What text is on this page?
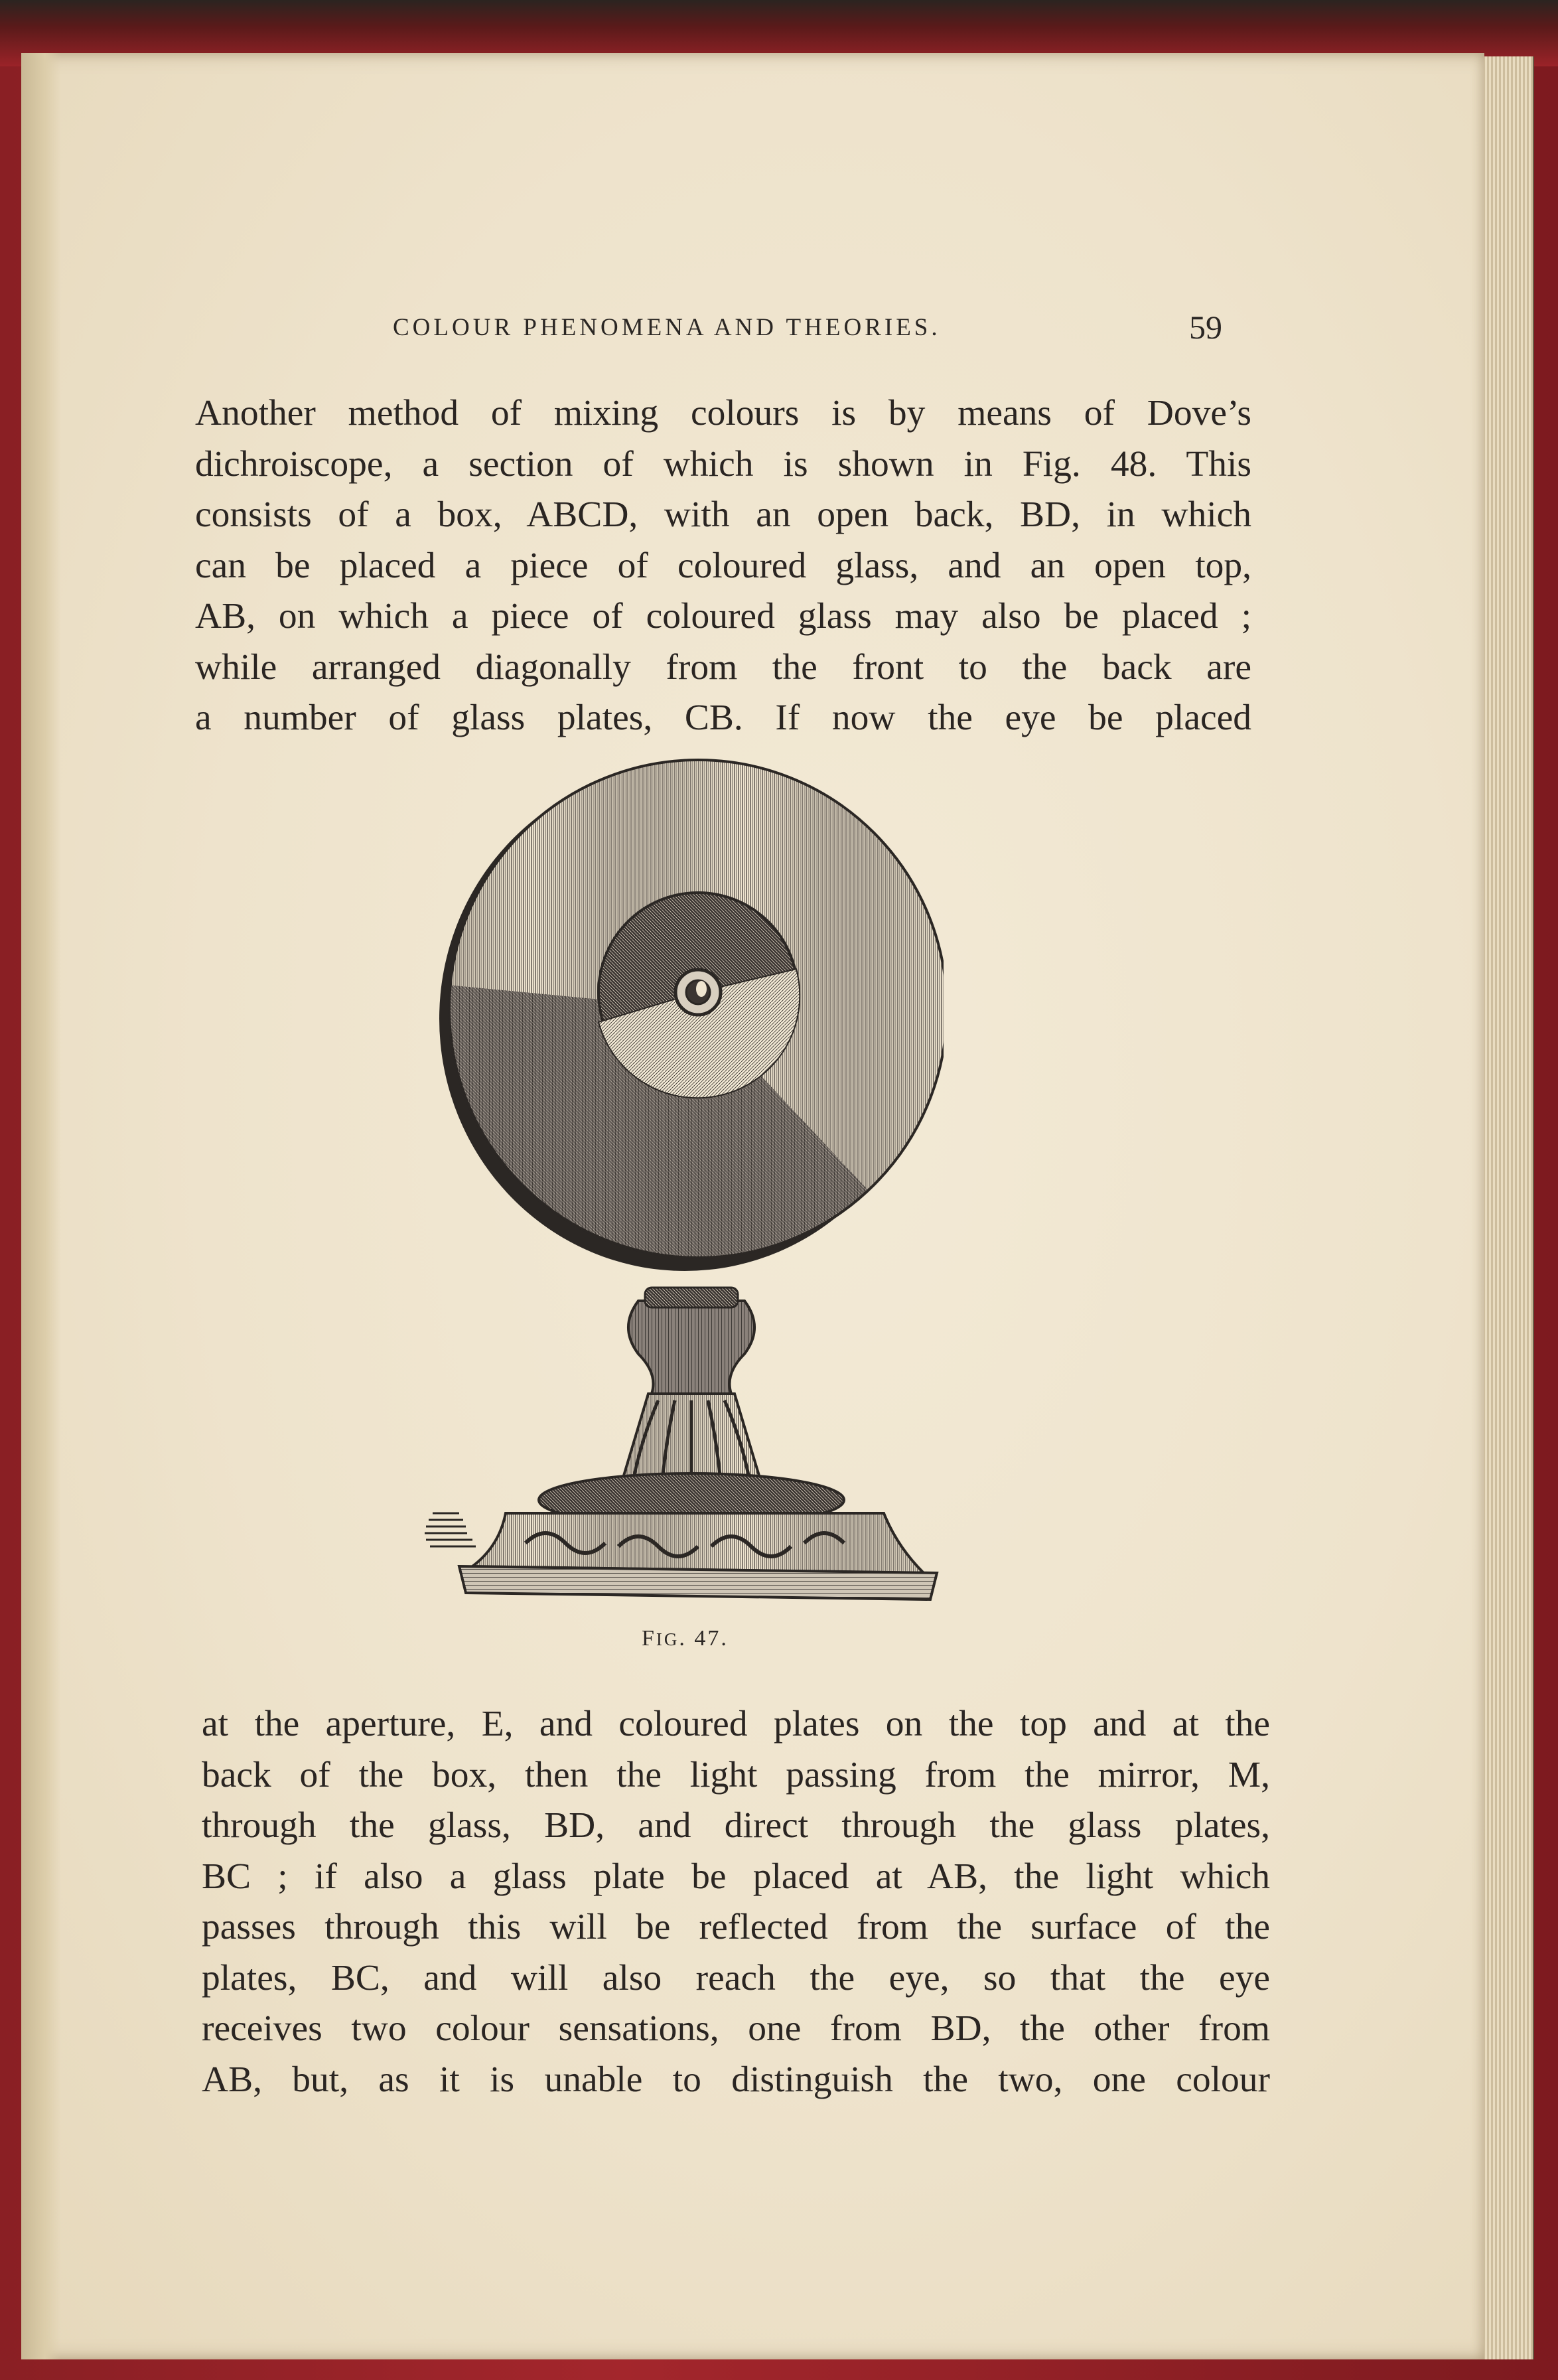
COLOUR PHENOMENA AND THEORIES.	59

Another method of mixing colours is by means of Dove’s
dichroiscope, a section of which is shown in Fig. 48. This
consists of a box, ABCD, with an open back, BD, in which
can be placed a piece of coloured glass, and an open top,
AB, on which a piece of coloured glass may also be placed ;
while arranged diagonally from the front to the back are
a number of glass plates, CB. If now the eye be placed

FIG. 47.

at the aperture, E, and coloured plates on the top and at the
back of the box, then the light passing from the mirror, M,
through the glass, BD, and direct through the glass plates,
BC ; if also a glass plate be placed at AB, the light which
passes through this will be reflected from the surface of the
plates, BC, and will also reach the eye, so that the eye
receives two colour sensations, one from BD, the other from
AB, but, as it is unable to distinguish the two, one colour
